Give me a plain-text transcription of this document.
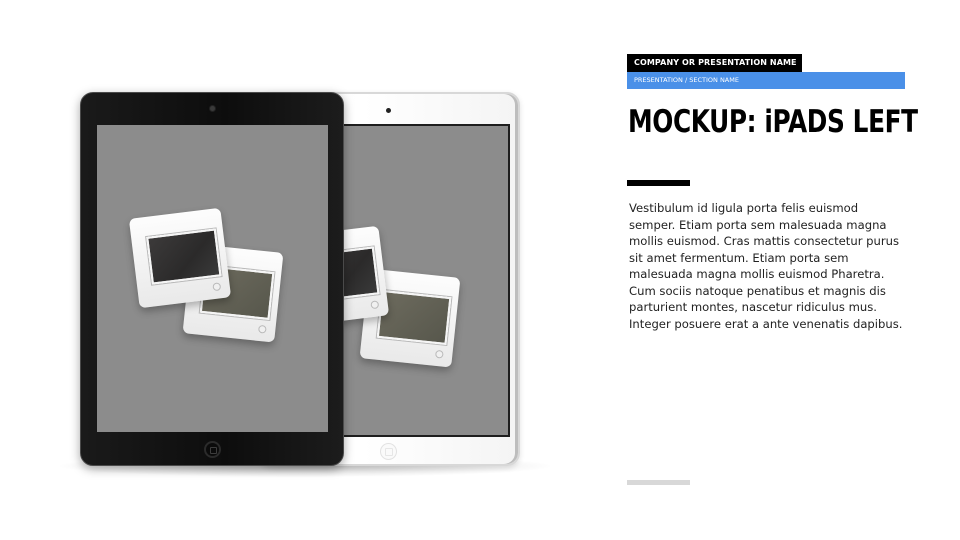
COMPANY OR PRESENTATION NAME
PRESENTATION / SECTION NAME
MOCKUP: iPADS LEFT
Vestibulum id ligula porta felis euismod semper. Etiam porta sem malesuada magna mollis euismod. Cras mattis consectetur purus sit amet fermentum. Etiam porta sem malesuada magna mollis euismod Pharetra. Cum sociis natoque penatibus et magnis dis parturient montes, nascetur ridiculus mus. Integer posuere erat a ante venenatis dapibus.
